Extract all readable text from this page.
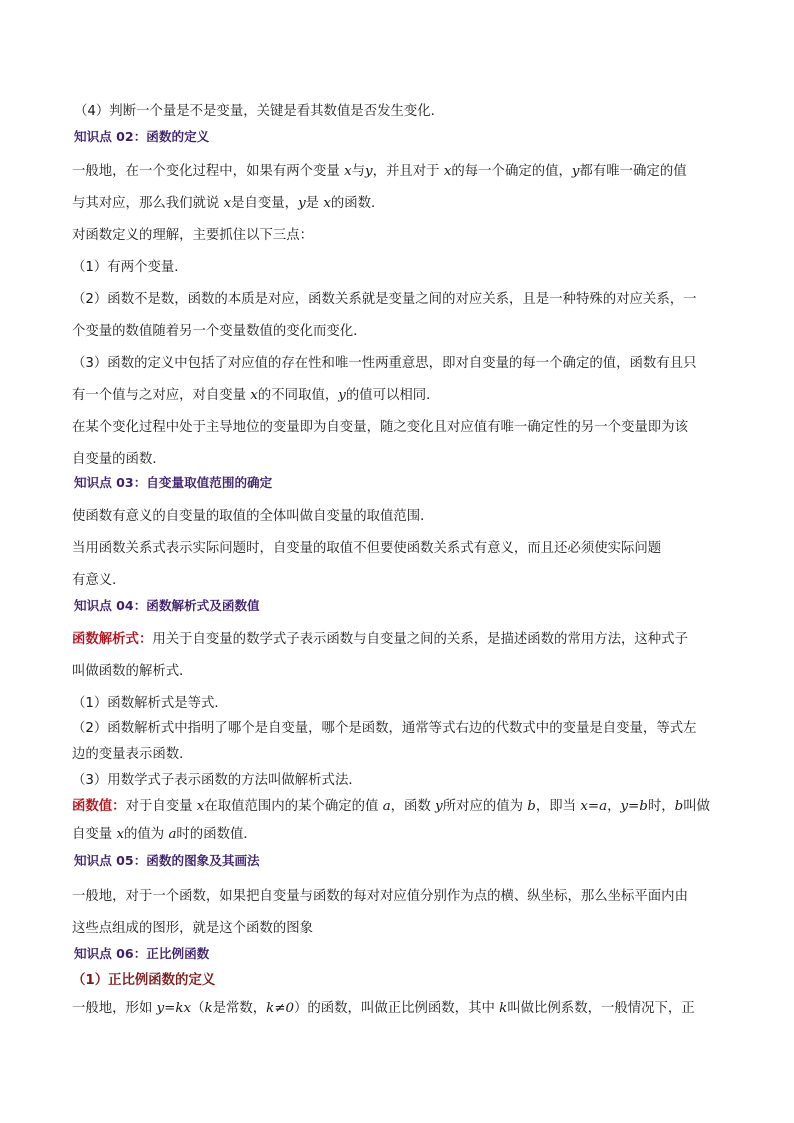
（4）判断一个量是不是变量，关键是看其数值是否发生变化．
知识点 02：函数的定义
一般地，在一个变化过程中，如果有两个变量 x与y，并且对于 x的每一个确定的值，y都有唯一确定的值
与其对应，那么我们就说 x是自变量，y是 x的函数．
对函数定义的理解，主要抓住以下三点：
（1）有两个变量．
（2）函数不是数，函数的本质是对应，函数关系就是变量之间的对应关系，且是一种特殊的对应关系，一
个变量的数值随着另一个变量数值的变化而变化．
（3）函数的定义中包括了对应值的存在性和唯一性两重意思，即对自变量的每一个确定的值，函数有且只
有一个值与之对应，对自变量 x的不同取值，y的值可以相同．
在某个变化过程中处于主导地位的变量即为自变量，随之变化且对应值有唯一确定性的另一个变量即为该
自变量的函数．
知识点 03：自变量取值范围的确定
使函数有意义的自变量的取值的全体叫做自变量的取值范围．
当用函数关系式表示实际问题时，自变量的取值不但要使函数关系式有意义，而且还必须使实际问题
有意义．
知识点 04：函数解析式及函数值
函数解析式：用关于自变量的数学式子表示函数与自变量之间的关系，是描述函数的常用方法，这种式子
叫做函数的解析式．
（1）函数解析式是等式．
（2）函数解析式中指明了哪个是自变量，哪个是函数，通常等式右边的代数式中的变量是自变量，等式左
边的变量表示函数．
（3）用数学式子表示函数的方法叫做解析式法．
函数值：对于自变量 x在取值范围内的某个确定的值 a，函数 y所对应的值为 b，即当 x=a，y=b时，b叫做
自变量 x的值为 a时的函数值．
知识点 05：函数的图象及其画法
一般地，对于一个函数，如果把自变量与函数的每对对应值分别作为点的横、纵坐标，那么坐标平面内由
这些点组成的图形，就是这个函数的图象
知识点 06：正比例函数
（1）正比例函数的定义
一般地，形如 y=kx（k是常数，k≠0）的函数，叫做正比例函数，其中 k叫做比例系数，一般情况下，正
